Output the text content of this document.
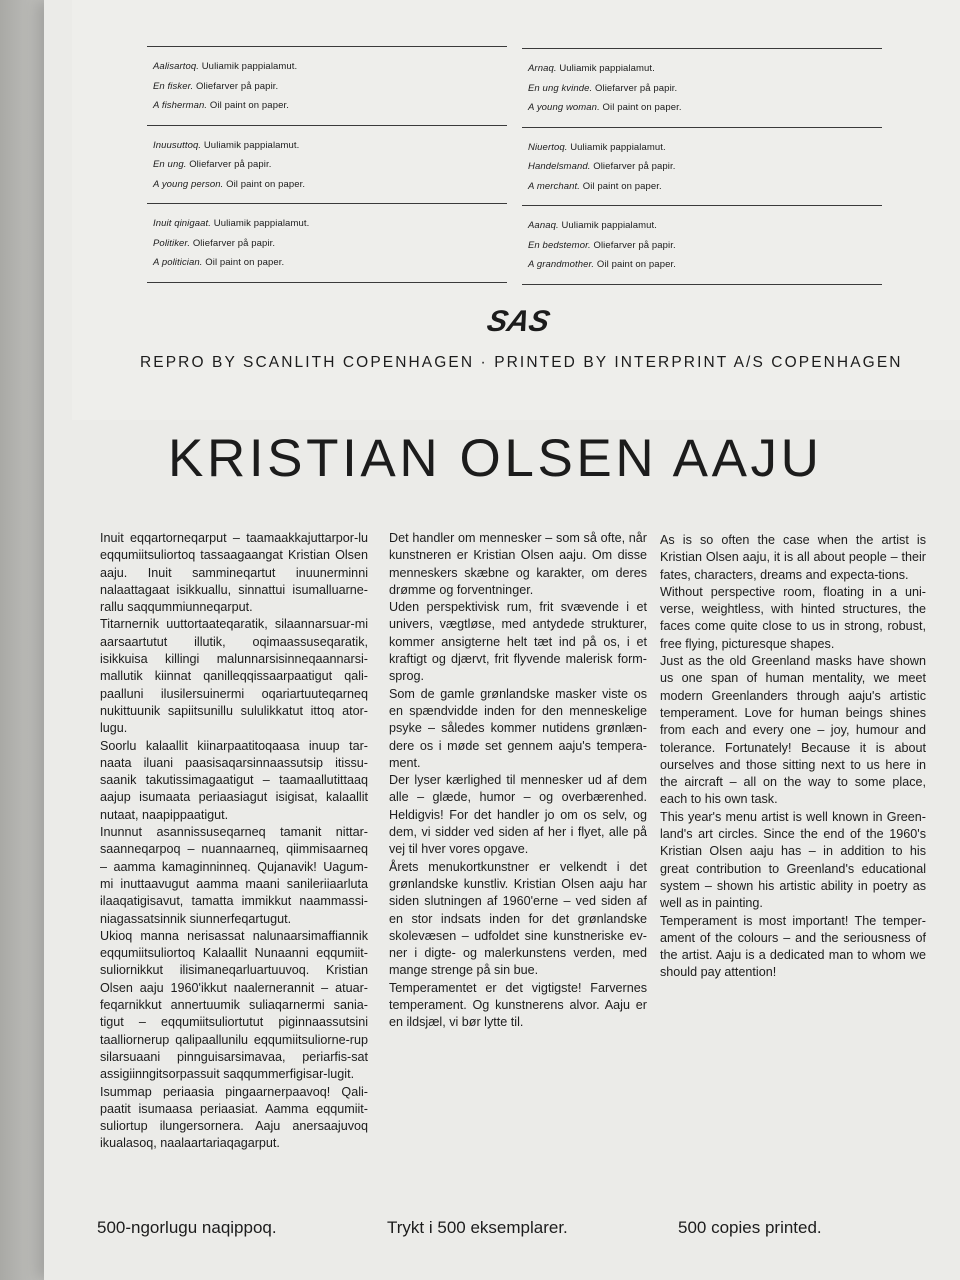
Aalisartoq. Uuliamik pappialamut.
En fisker. Oliefarver på papir.
A fisherman. Oil paint on paper.
Inuusuttoq. Uuliamik pappialamut.
En ung. Oliefarver på papir.
A young person. Oil paint on paper.
Inuit qinigaat. Uuliamik pappialamut.
Politiker. Oliefarver på papir.
A politician. Oil paint on paper.
Arnaq. Uuliamik pappialamut.
En ung kvinde. Oliefarver på papir.
A young woman. Oil paint on paper.
Niuertoq. Uuliamik pappialamut.
Handelsmand. Oliefarver på papir.
A merchant. Oil paint on paper.
Aanaq. Uuliamik pappialamut.
En bedstemor. Oliefarver på papir.
A grandmother. Oil paint on paper.
SAS
REPRO BY SCANLITH COPENHAGEN · PRINTED BY INTERPRINT A/S COPENHAGEN
KRISTIAN OLSEN AAJU

Inuit eqqartorneqarput – taamaakkajuttarpor-lu eqqumiitsuliortoq tassaagaangat Kristian Olsen aaju. Inuit sammineqartut inuunerminni nalaattagaat isikkuallu, sinnattui isumalluarne-rallu saqqummiunneqarput.

Titarnernik uuttortaateqaratik, silaannarsuar-mi aarsaartutut illutik, oqimaassuseqaratik, isikkuisa killingi malunnarsisinneqaannarsi-mallutik kiinnat qanilleqqissaarpaatigut qali-paalluni ilusilersuinermi oqariartuuteqarneq nukittuunik sapiitsunillu sululikkatut ittoq ator-lugu.

Soorlu kalaallit kiinarpaatitoqaasa inuup tar-naata iluani paasisaqarsinnaassutsip itissu-saanik takutissimagaatigut – taamaallutittaaq aajup isumaata periaasiagut isigisat, kalaallit nutaat, naapippaatigut.

Inunnut asannissuseqarneq tamanit nittar-saanneqarpoq – nuannaarneq, qiimmisaarneq – aamma kamaginninneq. Qujanavik! Uagum-mi inuttaavugut aamma maani sanileriiaarluta ilaaqatigisavut, tamatta immikkut naammassi-niagassatsinnik siunnerfeqartugut.

Ukioq manna nerisassat nalunaarsimaffiannik eqqumiitsuliortoq Kalaallit Nunaanni eqqumiit-suliornikkut ilisimaneqarluartuuvoq. Kristian Olsen aaju 1960'ikkut naalernerannit – atuar-feqarnikkut annertuumik suliaqarnermi sania-tigut – eqqumiitsuliortutut piginnaassutsini taalliornerup qalipaallunilu eqqumiitsuliorne-rup silarsuaani pinnguisarsimavaa, periarfis-sat assigiinngitsorpassuit saqqummerfigisar-lugit.

Isummap periaasia pingaarnerpaavoq! Qali-paatit isumaasa periaasiat. Aamma eqqumiit-suliortup ilungersornera. Aaju anersaajuvoq ikualasoq, naalaartariaqagarput.

Det handler om mennesker – som så ofte, når kunstneren er Kristian Olsen aaju. Om disse menneskers skæbne og karakter, om deres drømme og forventninger.

Uden perspektivisk rum, frit svævende i et univers, vægtløse, med antydede strukturer, kommer ansigterne helt tæt ind på os, i et kraftigt og djærvt, frit flyvende malerisk form-sprog.

Som de gamle grønlandske masker viste os en spændvidde inden for den menneskelige psyke – således kommer nutidens grønlæn-dere os i møde set gennem aaju's tempera-ment.

Der lyser kærlighed til mennesker ud af dem alle – glæde, humor – og overbærenhed. Heldigvis! For det handler jo om os selv, og dem, vi sidder ved siden af her i flyet, alle på vej til hver vores opgave.

Årets menukortkunstner er velkendt i det grønlandske kunstliv. Kristian Olsen aaju har siden slutningen af 1960'erne – ved siden af en stor indsats inden for det grønlandske skolevæsen – udfoldet sine kunstneriske ev-ner i digte- og malerkunstens verden, med mange strenge på sin bue.

Temperamentet er det vigtigste! Farvernes temperament. Og kunstnerens alvor. Aaju er en ildsjæl, vi bør lytte til.

As is so often the case when the artist is Kristian Olsen aaju, it is all about people – their fates, characters, dreams and expecta-tions.

Without perspective room, floating in a uni-verse, weightless, with hinted structures, the faces come quite close to us in strong, robust, free flying, picturesque shapes.

Just as the old Greenland masks have shown us one span of human mentality, we meet modern Greenlanders through aaju's artistic temperament. Love for human beings shines from each and every one – joy, humour and tolerance. Fortunately! Because it is about ourselves and those sitting next to us here in the aircraft – all on the way to some place, each to his own task.

This year's menu artist is well known in Green-land's art circles. Since the end of the 1960's Kristian Olsen aaju has – in addition to his great contribution to Greenland's educational system – shown his artistic ability in poetry as well as in painting.

Temperament is most important! The temper-ament of the colours – and the seriousness of the artist. Aaju is a dedicated man to whom we should pay attention!

500-ngorlugu naqippoq.	Trykt i 500 eksemplarer.	500 copies printed.
